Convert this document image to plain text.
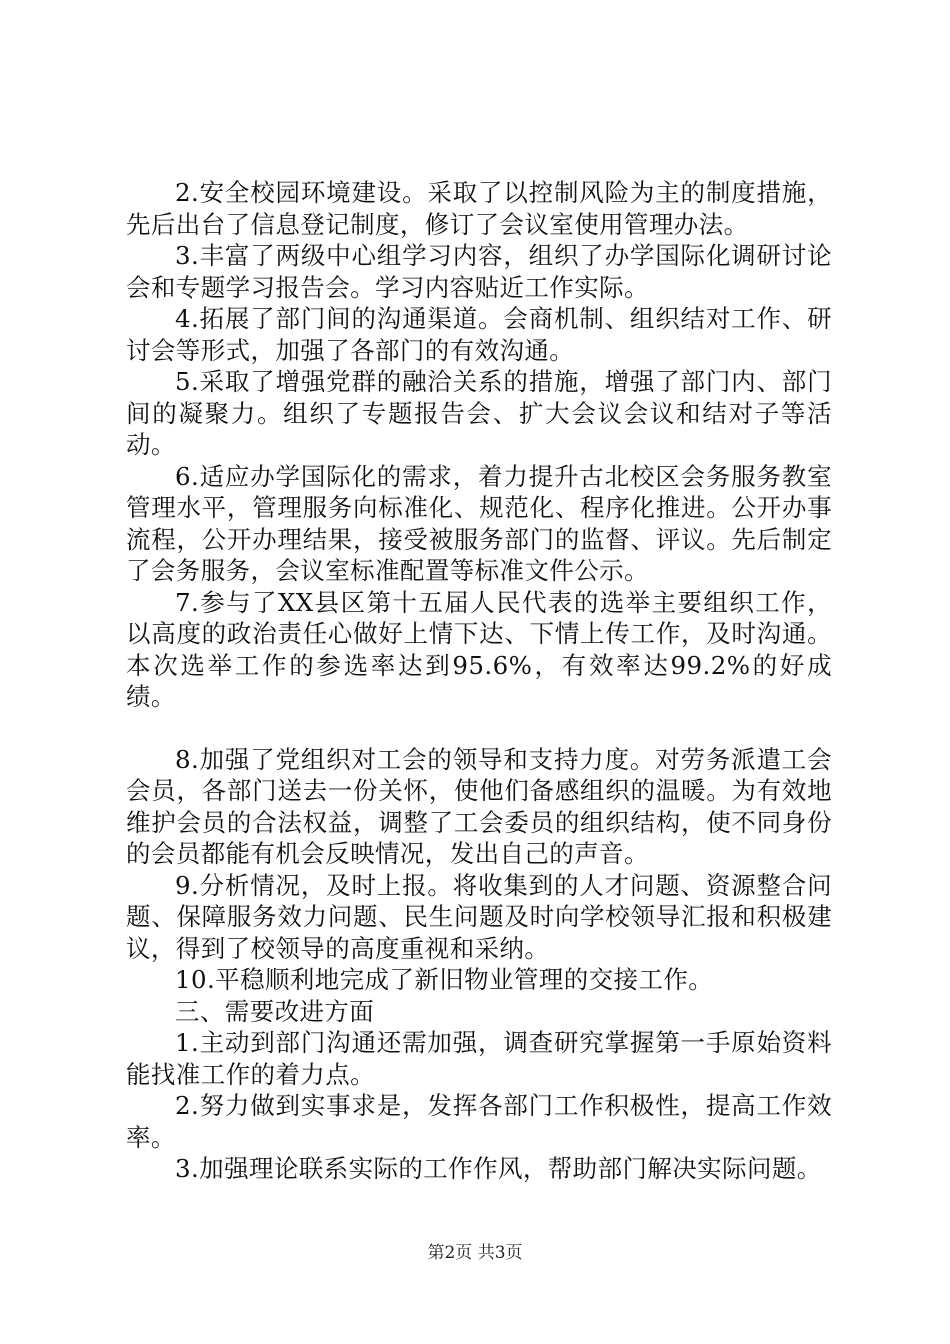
2.安全校园环境建设。采取了以控制风险为主的制度措施，先后出台了信息登记制度，修订了会议室使用管理办法。

3.丰富了两级中心组学习内容，组织了办学国际化调研讨论会和专题学习报告会。学习内容贴近工作实际。

4.拓展了部门间的沟通渠道。会商机制、组织结对工作、研讨会等形式，加强了各部门的有效沟通。

5.采取了增强党群的融洽关系的措施，增强了部门内、部门间的凝聚力。组织了专题报告会、扩大会议会议和结对子等活动。

6.适应办学国际化的需求，着力提升古北校区会务服务教室管理水平，管理服务向标准化、规范化、程序化推进。公开办事流程，公开办理结果，接受被服务部门的监督、评议。先后制定了会务服务，会议室标准配置等标准文件公示。

7.参与了XX县区第十五届人民代表的选举主要组织工作，以高度的政治责任心做好上情下达、下情上传工作，及时沟通。本次选举工作的参选率达到95.6%，有效率达99.2%的好成绩。

8.加强了党组织对工会的领导和支持力度。对劳务派遣工会会员，各部门送去一份关怀，使他们备感组织的温暖。为有效地维护会员的合法权益，调整了工会委员的组织结构，使不同身份的会员都能有机会反映情况，发出自己的声音。

9.分析情况，及时上报。将收集到的人才问题、资源整合问题、保障服务效力问题、民生问题及时向学校领导汇报和积极建议，得到了校领导的高度重视和采纳。

10.平稳顺利地完成了新旧物业管理的交接工作。

三、需要改进方面

1.主动到部门沟通还需加强，调查研究掌握第一手原始资料能找准工作的着力点。

2.努力做到实事求是，发挥各部门工作积极性，提高工作效率。

3.加强理论联系实际的工作作风，帮助部门解决实际问题。

第2页 共3页
